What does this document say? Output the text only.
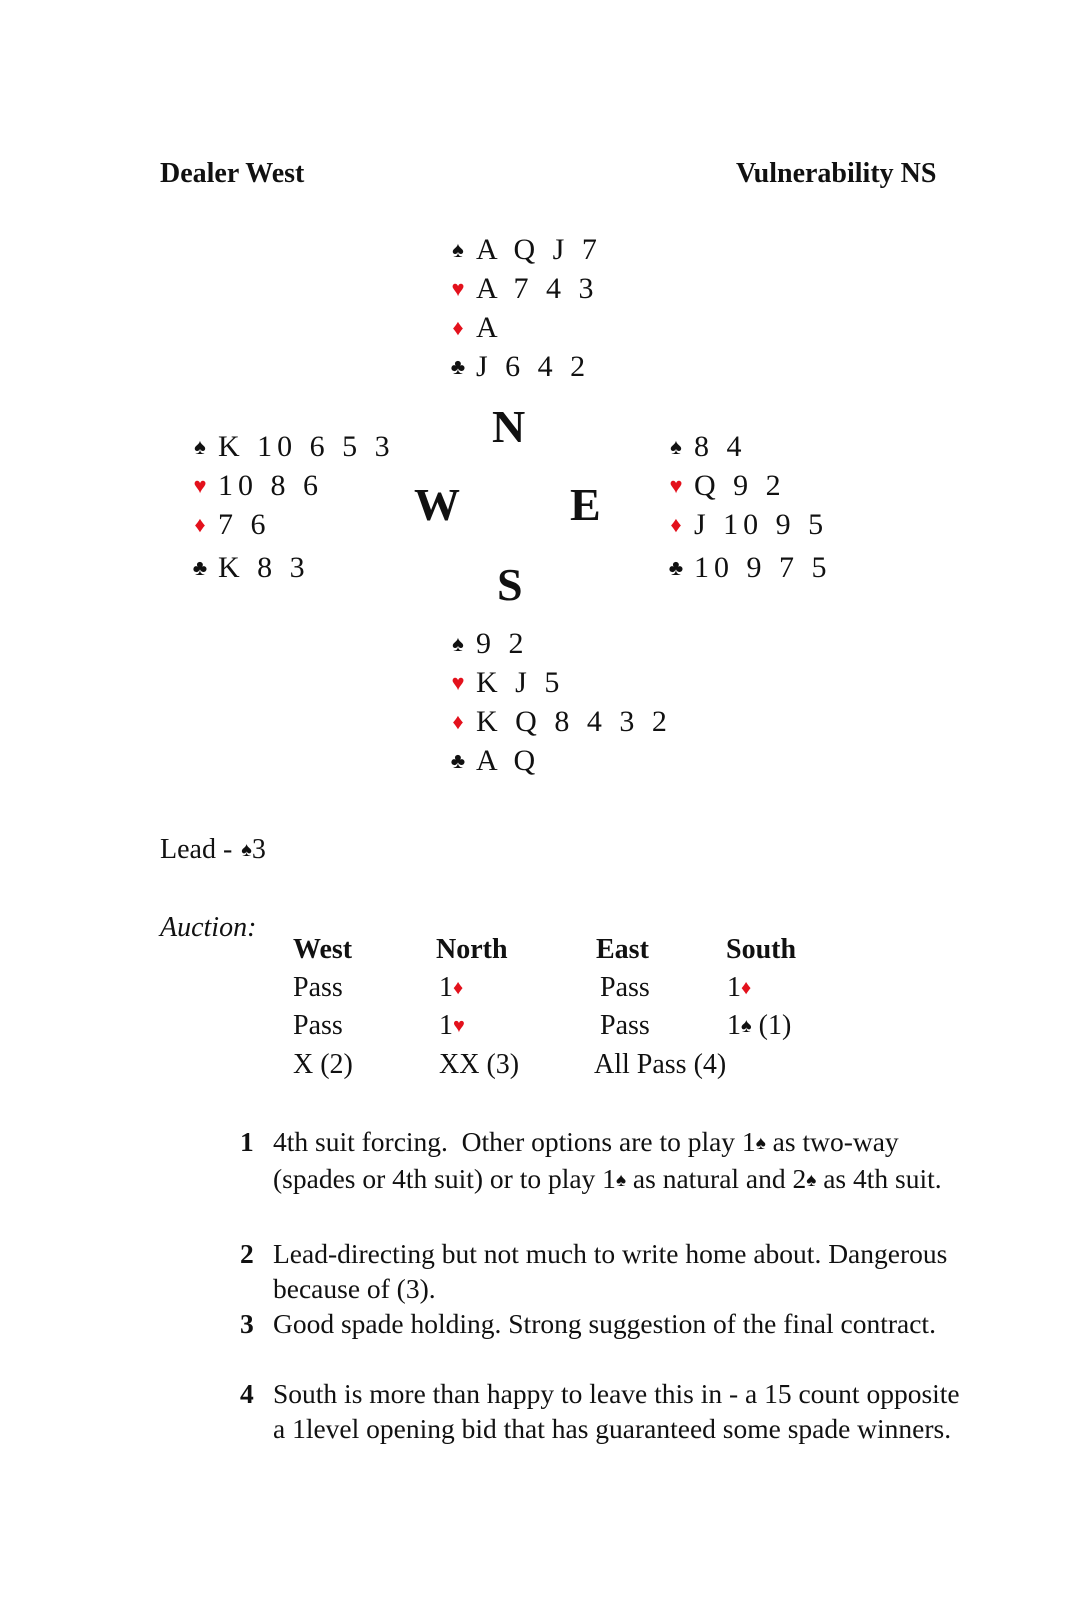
Dealer West	Vulnerability NS
♠ A Q J 7
♥ A 7 4 3
♦ A
♣ J 6 4 2
♠ K 10 6 5 3
♥ 10 8 6
♦ 7 6
♣ K 8 3
♠ 8 4
♥ Q 9 2
♦ J 10 9 5
♣ 10 9 7 5
N
W E
S
♠ 9 2
♥ K J 5
♦ K Q 8 4 3 2
♣ A Q
Lead - ♠3
Auction:
West	North	East	South
Pass	1♦	Pass	1♦
Pass	1♥	Pass	1♠ (1)
X (2)	XX (3)	All Pass (4)
1 4th suit forcing.  Other options are to play 1♠ as two-way (spades or 4th suit) or to play 1♠ as natural and 2♠ as 4th suit.
2 Lead-directing but not much to write home about. Dangerous because of (3).
3 Good spade holding. Strong suggestion of the final contract.
4 South is more than happy to leave this in - a 15 count opposite a 1level opening bid that has guaranteed some spade winners.
